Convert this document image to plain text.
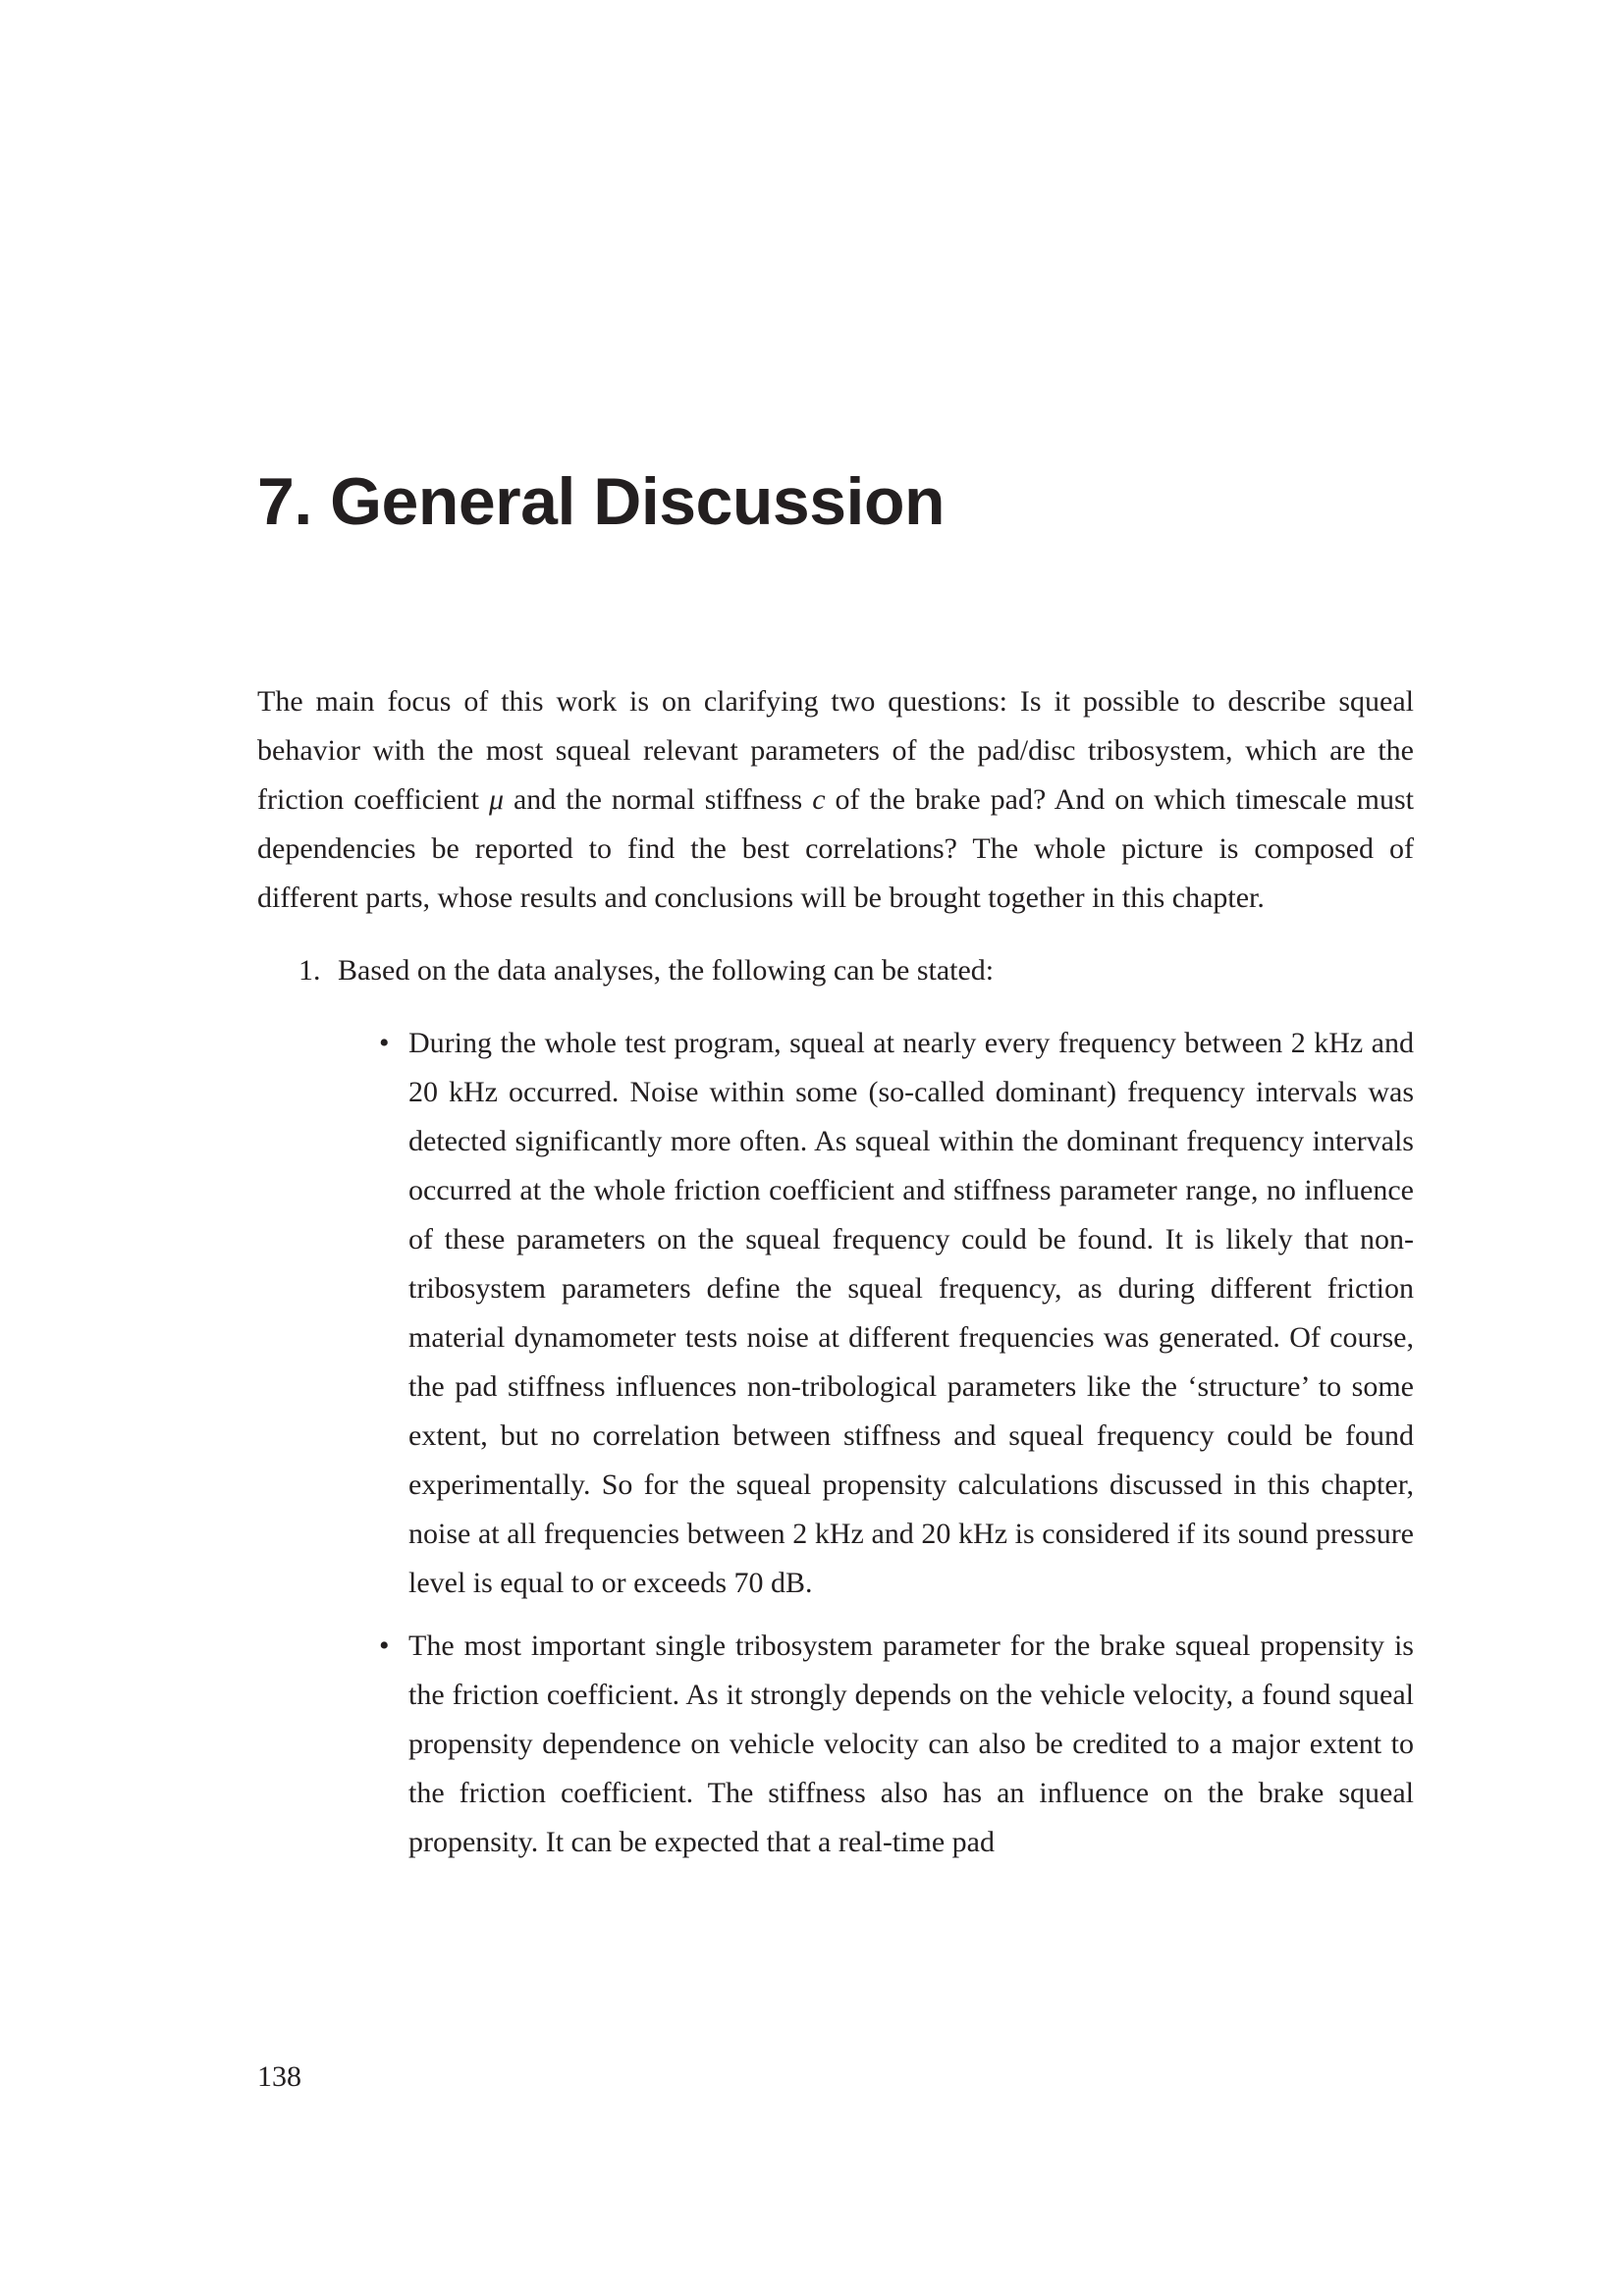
7. General Discussion

The main focus of this work is on clarifying two questions: Is it possible to describe squeal behavior with the most squeal relevant parameters of the pad/disc tribosystem, which are the friction coefficient μ and the normal stiffness c of the brake pad? And on which timescale must dependencies be reported to find the best correlations? The whole picture is composed of different parts, whose results and conclusions will be brought together in this chapter.

1. Based on the data analyses, the following can be stated:
• During the whole test program, squeal at nearly every frequency between 2 kHz and 20 kHz occurred. Noise within some (so-called dominant) frequency intervals was detected significantly more often. As squeal within the dominant frequency intervals occurred at the whole friction coefficient and stiffness parameter range, no influence of these parameters on the squeal frequency could be found. It is likely that non-tribosystem parameters define the squeal frequency, as during different friction material dynamometer tests noise at different frequencies was generated. Of course, the pad stiffness influences non-tribological parameters like the ‘structure’ to some extent, but no correlation between stiffness and squeal frequency could be found experimentally. So for the squeal propensity calculations discussed in this chapter, noise at all frequencies between 2 kHz and 20 kHz is considered if its sound pressure level is equal to or exceeds 70 dB.
• The most important single tribosystem parameter for the brake squeal propensity is the friction coefficient. As it strongly depends on the vehicle velocity, a found squeal propensity dependence on vehicle velocity can also be credited to a major extent to the friction coefficient. The stiffness also has an influence on the brake squeal propensity. It can be expected that a real-time pad
138
